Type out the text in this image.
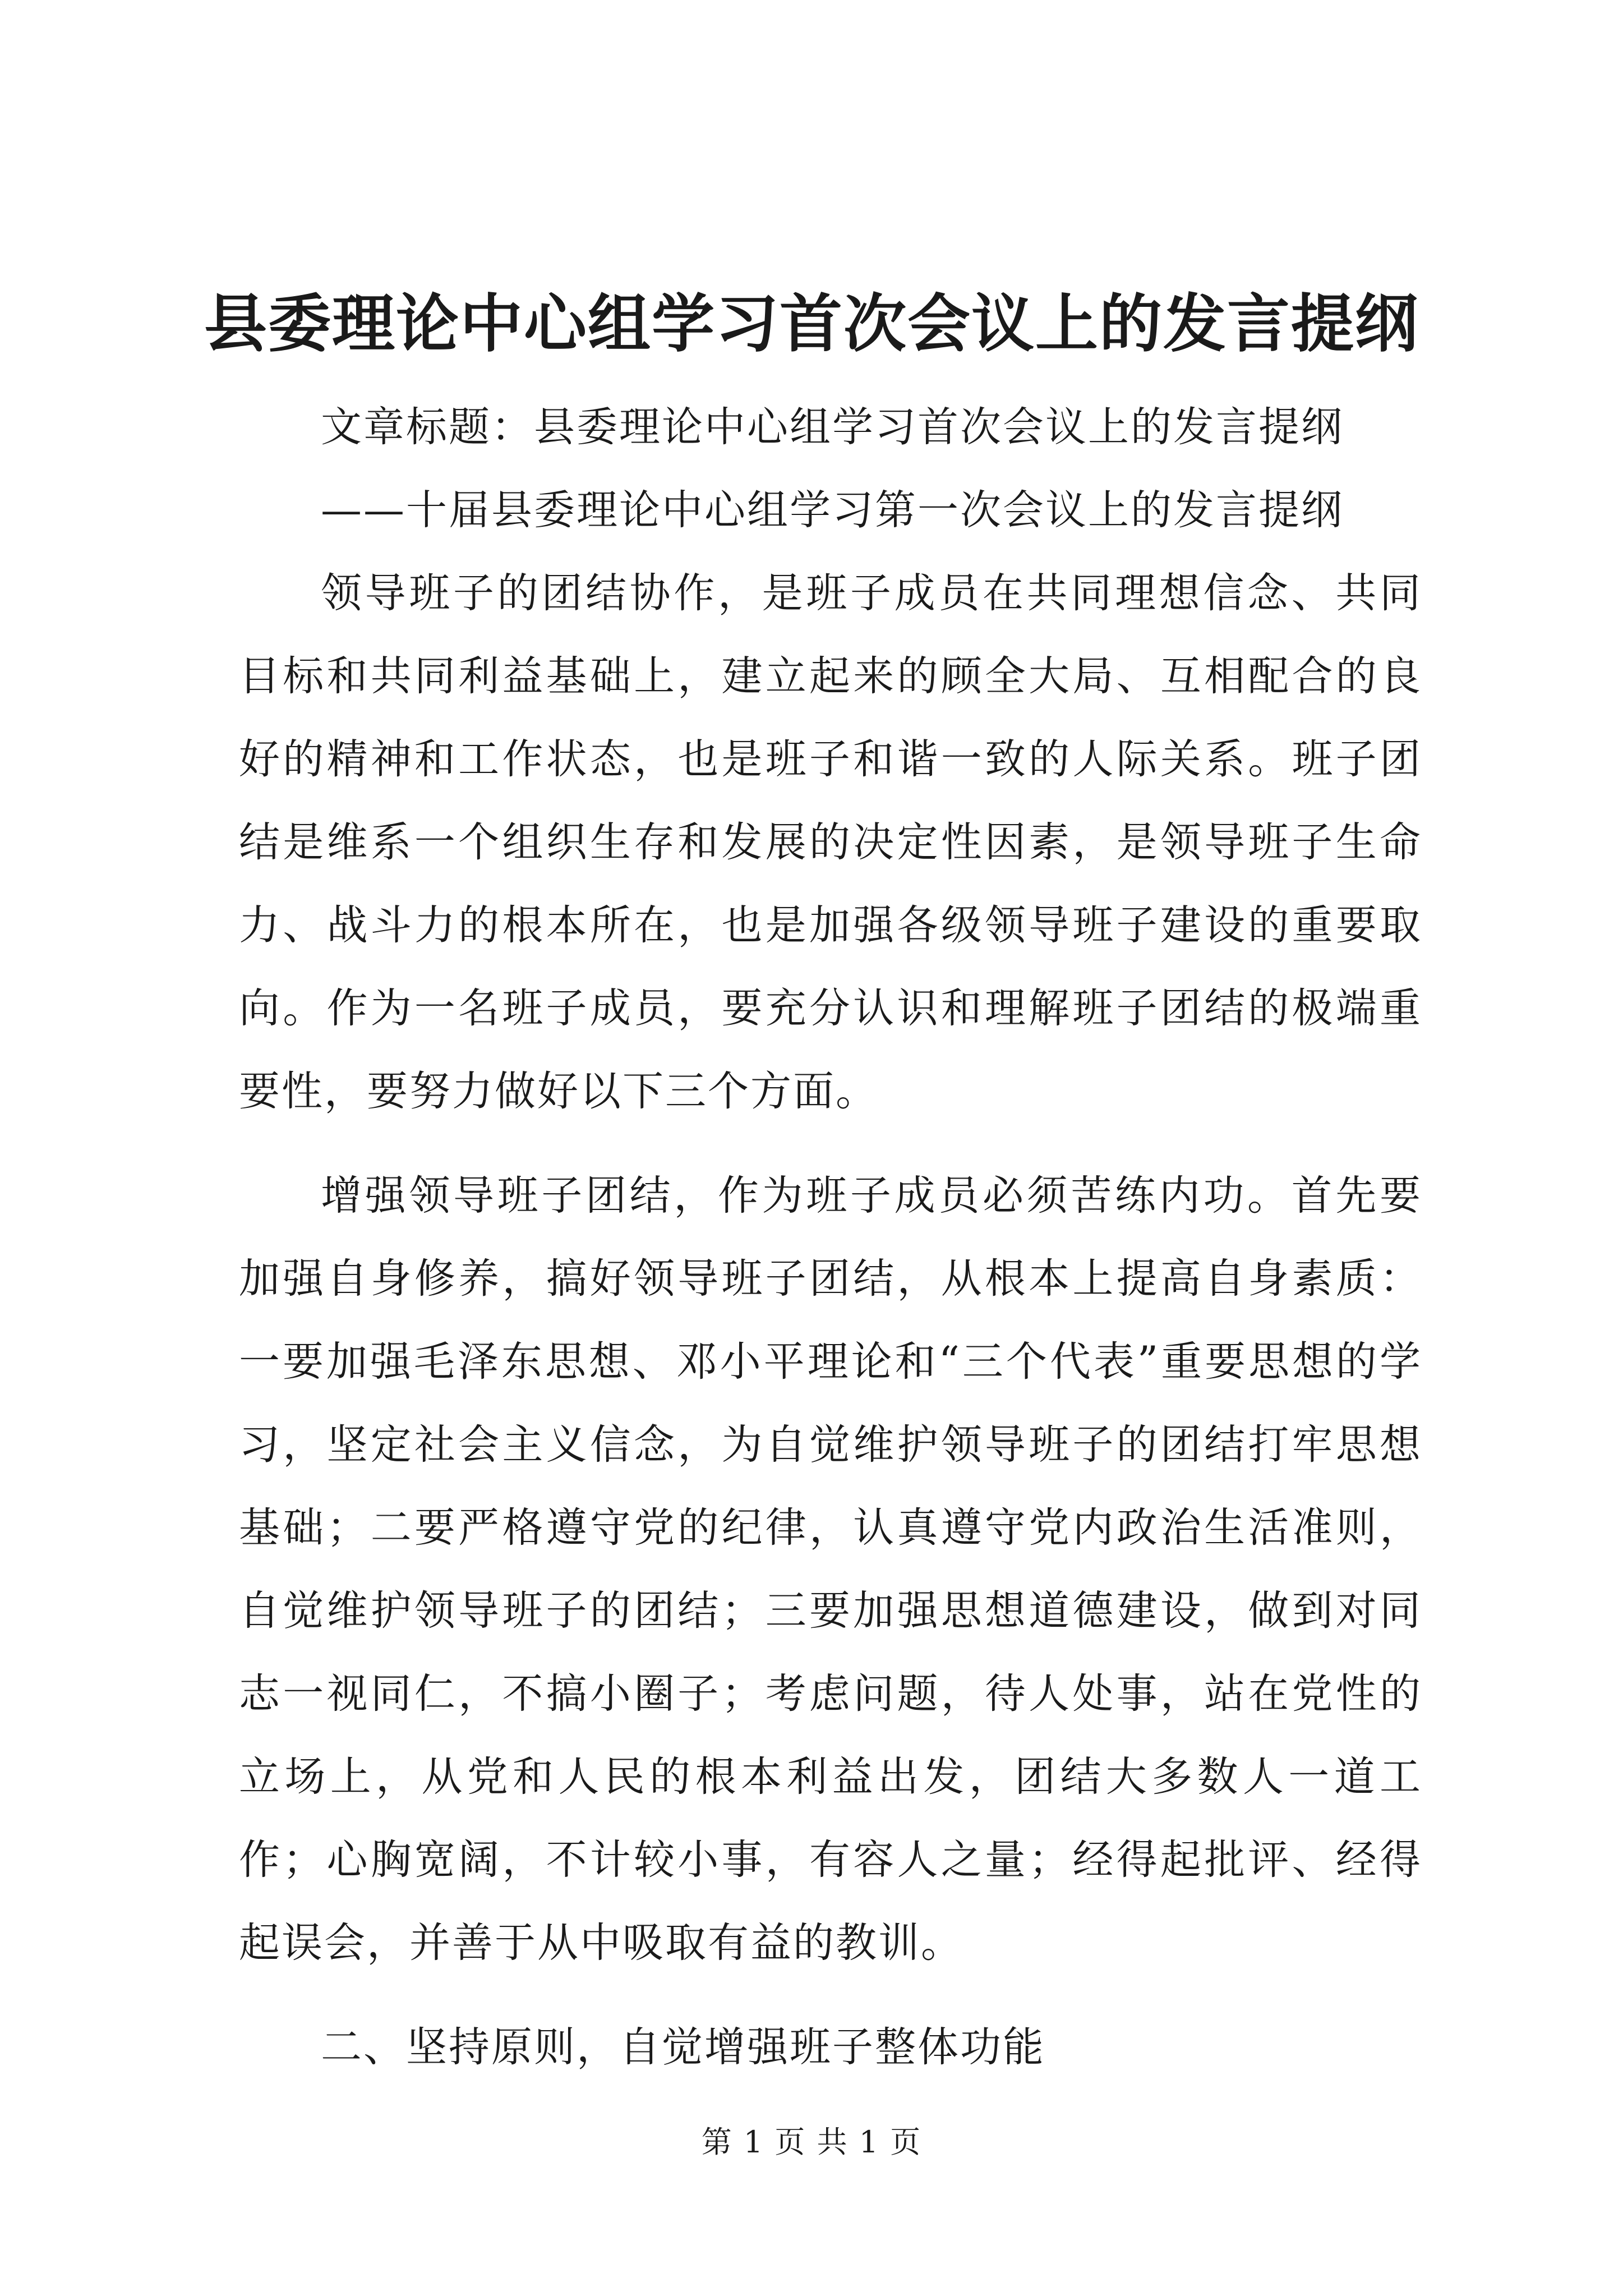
县委理论中心组学习首次会议上的发言提纲

文章标题：县委理论中心组学习首次会议上的发言提纲

——十届县委理论中心组学习第一次会议上的发言提纲

领导班子的团结协作，是班子成员在共同理想信念、共同目标和共同利益基础上，建立起来的顾全大局、互相配合的良好的精神和工作状态，也是班子和谐一致的人际关系。班子团结是维系一个组织生存和发展的决定性因素，是领导班子生命力、战斗力的根本所在，也是加强各级领导班子建设的重要取向。作为一名班子成员，要充分认识和理解班子团结的极端重要性，要努力做好以下三个方面。

增强领导班子团结，作为班子成员必须苦练内功。首先要加强自身修养，搞好领导班子团结，从根本上提高自身素质：一要加强毛泽东思想、邓小平理论和“三个代表”重要思想的学习，坚定社会主义信念，为自觉维护领导班子的团结打牢思想基础；二要严格遵守党的纪律，认真遵守党内政治生活准则，自觉维护领导班子的团结；三要加强思想道德建设，做到对同志一视同仁，不搞小圈子；考虑问题，待人处事，站在党性的立场上，从党和人民的根本利益出发，团结大多数人一道工作；心胸宽阔，不计较小事，有容人之量；经得起批评、经得起误会，并善于从中吸取有益的教训。

二、坚持原则，自觉增强班子整体功能

第 1 页 共 1 页
